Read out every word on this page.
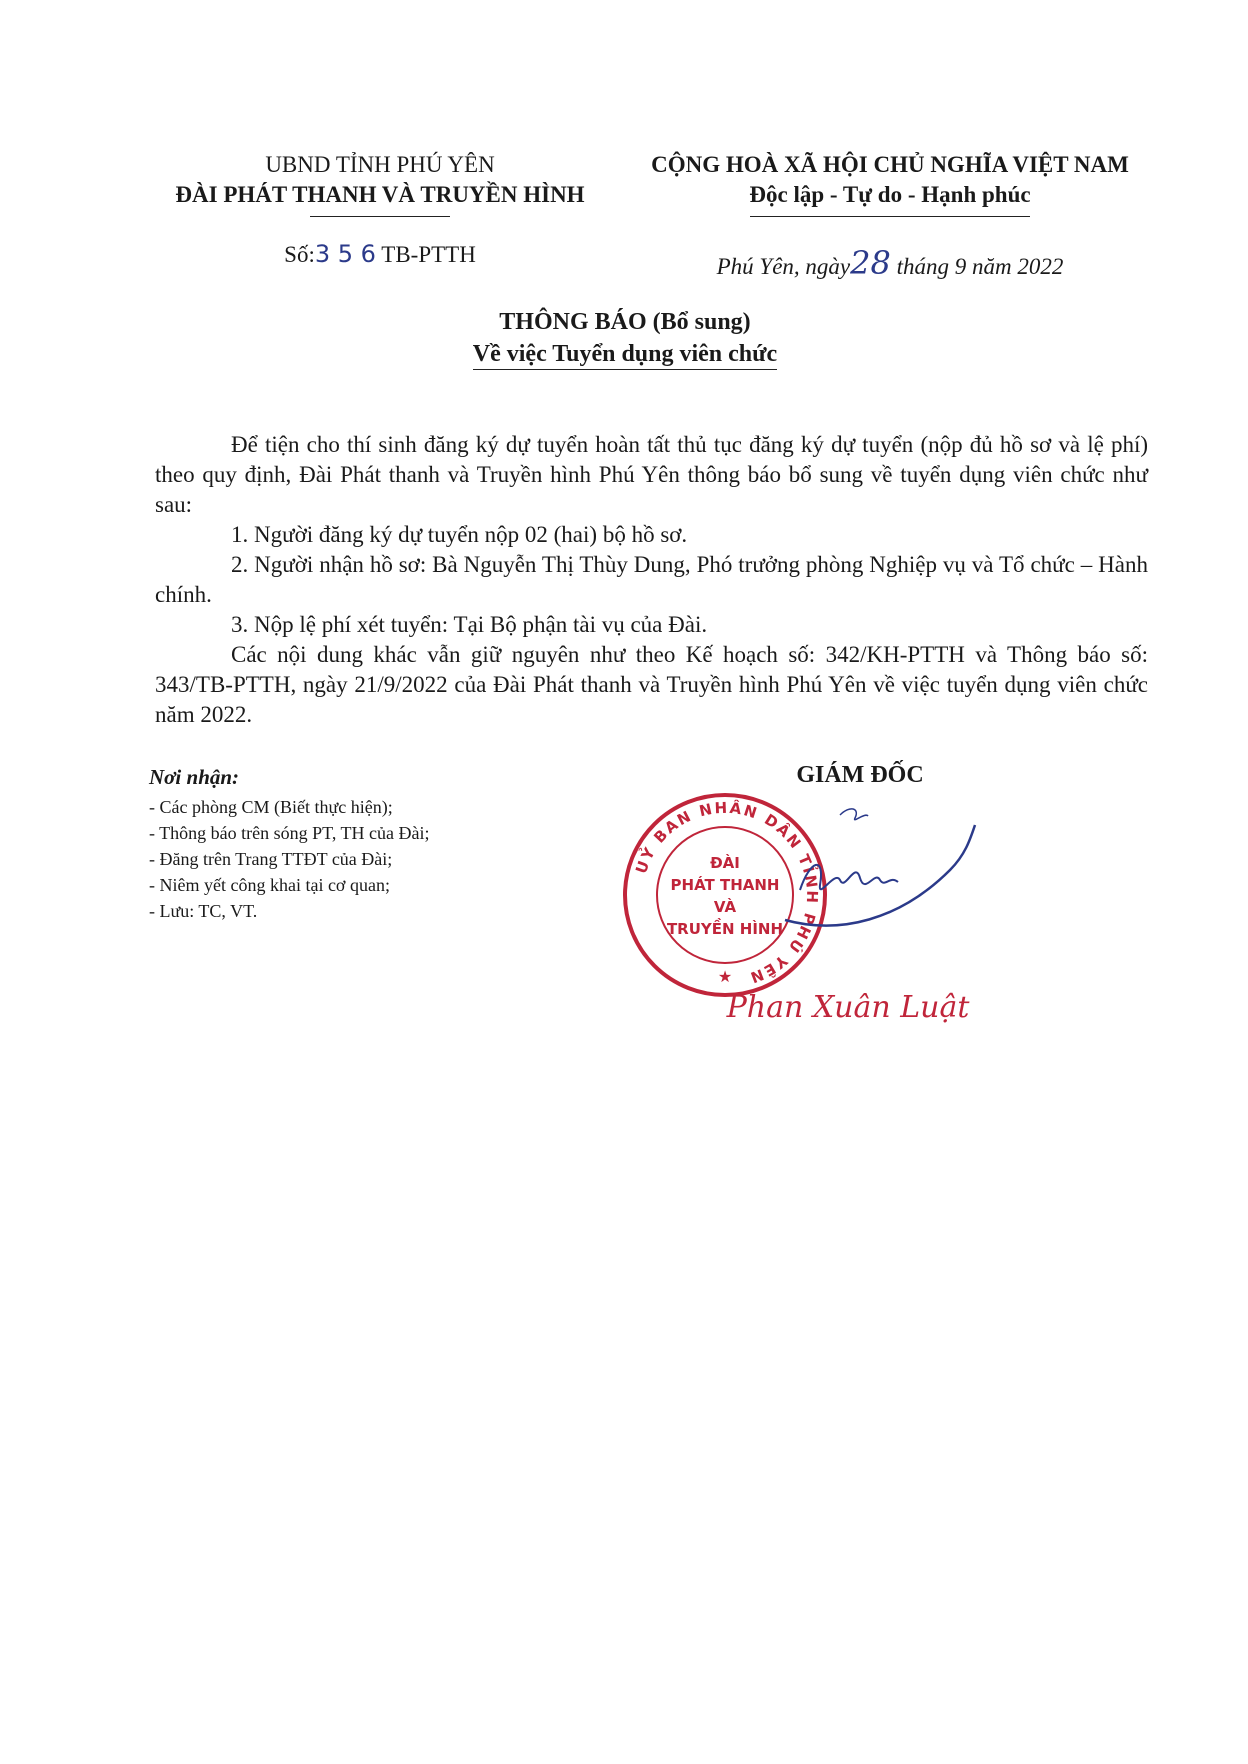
UBND TỈNH PHÚ YÊN

ĐÀI PHÁT THANH VÀ TRUYỀN HÌNH

CỘNG HOÀ XÃ HỘI CHỦ NGHĨA VIỆT NAM

Độc lập - Tự do - Hạnh phúc

Số:3 5 6 TB-PTTH	Phú Yên, ngày28 tháng 9 năm 2022

THÔNG BÁO (Bổ sung)

Về việc Tuyển dụng viên chức

Để tiện cho thí sinh đăng ký dự tuyển hoàn tất thủ tục đăng ký dự tuyển (nộp đủ hồ sơ và lệ phí) theo quy định, Đài Phát thanh và Truyền hình Phú Yên thông báo bổ sung về tuyển dụng viên chức như sau:

1. Người đăng ký dự tuyển nộp 02 (hai) bộ hồ sơ.

2. Người nhận hồ sơ: Bà Nguyễn Thị Thùy Dung, Phó trưởng phòng Nghiệp vụ và Tổ chức – Hành chính.

3. Nộp lệ phí xét tuyển: Tại Bộ phận tài vụ của Đài.

Các nội dung khác vẫn giữ nguyên như theo Kế hoạch số: 342/KH-PTTH và Thông báo số: 343/TB-PTTH, ngày 21/9/2022 của Đài Phát thanh và Truyền hình Phú Yên về việc tuyển dụng viên chức năm 2022.

Nơi nhận:

- Các phòng CM (Biết thực hiện);

- Thông báo trên sóng PT, TH của Đài;

- Đăng trên Trang TTĐT của Đài;

- Niêm yết công khai tại cơ quan;

- Lưu: TC, VT.

GIÁM ĐỐC
UỶ BAN NHÂN DÂN TỈNH PHÚ YÊN
ĐÀI
PHÁT THANH
VÀ
TRUYỀN HÌNH
★
Phan Xuân Luật
